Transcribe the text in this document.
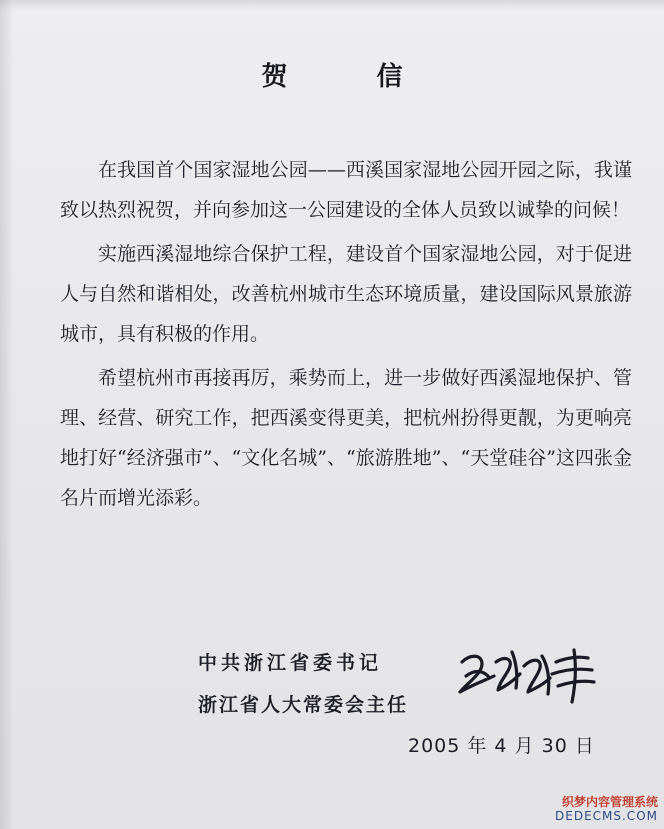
贺 信

在我国首个国家湿地公园——西溪国家湿地公园开园之际，我谨致以热烈祝贺，并向参加这一公园建设的全体人员致以诚挚的问候！

实施西溪湿地综合保护工程，建设首个国家湿地公园，对于促进人与自然和谐相处，改善杭州城市生态环境质量，建设国际风景旅游城市，具有积极的作用。

希望杭州市再接再厉，乘势而上，进一步做好西溪湿地保护、管理、经营、研究工作，把西溪变得更美，把杭州扮得更靓，为更响亮地打好“经济强市”、“文化名城”、“旅游胜地”、“天堂硅谷”这四张金名片而增光添彩。

中共浙江省委书记
浙江省人大常委会主任
2005 年 4 月 30 日
织梦内容管理系统
DEDECMS.COM
